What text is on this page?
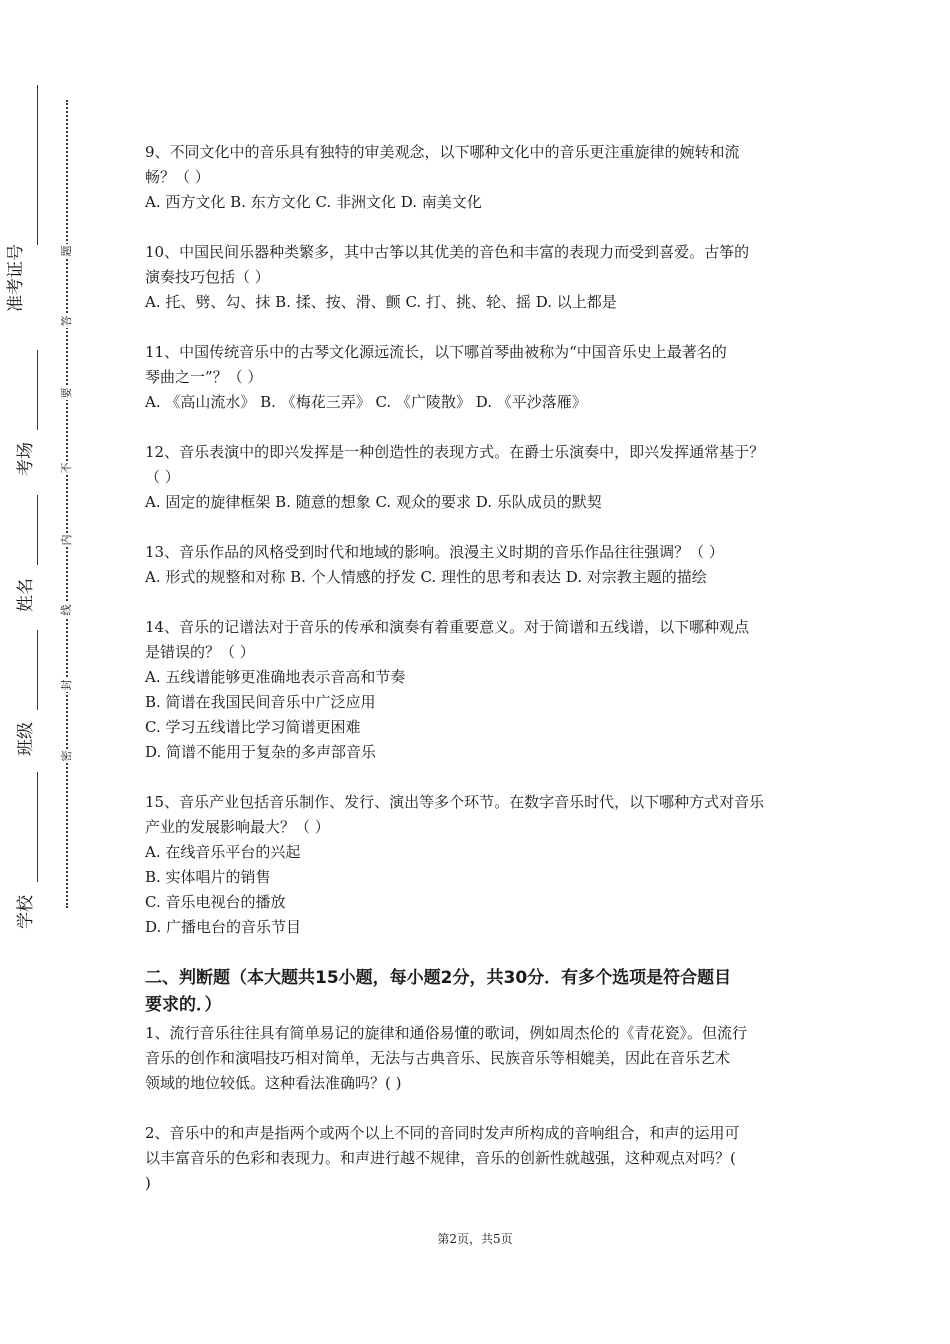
准考证号
考场
姓名
班级
学校
题
答
要
不
内
线
封
密

9、不同文化中的音乐具有独特的审美观念，以下哪种文化中的音乐更注重旋律的婉转和流

畅？（ ）

A. 西方文化 B. 东方文化 C. 非洲文化 D. 南美文化

10、中国民间乐器种类繁多，其中古筝以其优美的音色和丰富的表现力而受到喜爱。古筝的

演奏技巧包括（ ）

A. 托、劈、勾、抹 B. 揉、按、滑、颤 C. 打、挑、轮、摇 D. 以上都是

11、中国传统音乐中的古琴文化源远流长，以下哪首琴曲被称为“中国音乐史上最著名的

琴曲之一”？（ ）

A. 《高山流水》 B. 《梅花三弄》 C. 《广陵散》 D. 《平沙落雁》

12、音乐表演中的即兴发挥是一种创造性的表现方式。在爵士乐演奏中，即兴发挥通常基于？

（ ）

A. 固定的旋律框架 B. 随意的想象 C. 观众的要求 D. 乐队成员的默契

13、音乐作品的风格受到时代和地域的影响。浪漫主义时期的音乐作品往往强调？（ ）

A. 形式的规整和对称 B. 个人情感的抒发 C. 理性的思考和表达 D. 对宗教主题的描绘

14、音乐的记谱法对于音乐的传承和演奏有着重要意义。对于简谱和五线谱，以下哪种观点

是错误的？（ ）

A. 五线谱能够更准确地表示音高和节奏

B. 简谱在我国民间音乐中广泛应用

C. 学习五线谱比学习简谱更困难

D. 简谱不能用于复杂的多声部音乐

15、音乐产业包括音乐制作、发行、演出等多个环节。在数字音乐时代，以下哪种方式对音乐

产业的发展影响最大？（ ）

A. 在线音乐平台的兴起

B. 实体唱片的销售

C. 音乐电视台的播放

D. 广播电台的音乐节目

二、判断题（本大题共15小题，每小题2分，共30分．有多个选项是符合题目
要求的．）

1、流行音乐往往具有简单易记的旋律和通俗易懂的歌词，例如周杰伦的《青花瓷》。但流行

音乐的创作和演唱技巧相对简单，无法与古典音乐、民族音乐等相媲美，因此在音乐艺术

领域的地位较低。这种看法准确吗？( )

2、音乐中的和声是指两个或两个以上不同的音同时发声所构成的音响组合，和声的运用可

以丰富音乐的色彩和表现力。和声进行越不规律，音乐的创新性就越强，这种观点对吗？(

)

第2页，共5页
